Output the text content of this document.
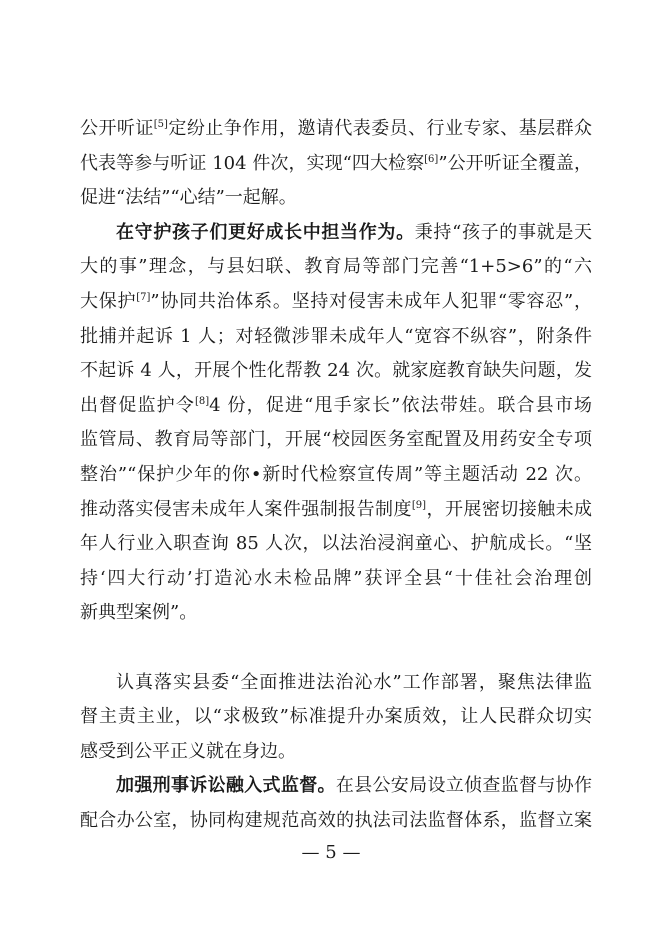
公开听证[5]定纷止争作用，邀请代表委员、行业专家、基层群众
代表等参与听证 104 件次，实现“四大检察[6]”公开听证全覆盖，
促进“法结”“心结”一起解。
在守护孩子们更好成长中担当作为。秉持“孩子的事就是天
大的事”理念，与县妇联、教育局等部门完善“1+5>6”的“六
大保护[7]”协同共治体系。坚持对侵害未成年人犯罪“零容忍”，
批捕并起诉 1 人；对轻微涉罪未成年人“宽容不纵容”，附条件
不起诉 4 人，开展个性化帮教 24 次。就家庭教育缺失问题，发
出督促监护令[8]4 份，促进“甩手家长”依法带娃。联合县市场
监管局、教育局等部门，开展“校园医务室配置及用药安全专项
整治”“保护少年的你•新时代检察宣传周”等主题活动 22 次。
推动落实侵害未成年人案件强制报告制度[9]，开展密切接触未成
年人行业入职查询 85 人次，以法治浸润童心、护航成长。“坚
持‘四大行动’打造沁水未检品牌”获评全县“十佳社会治理创
新典型案例”。
认真落实县委“全面推进法治沁水”工作部署，聚焦法律监
督主责主业，以“求极致”标准提升办案质效，让人民群众切实
感受到公平正义就在身边。
加强刑事诉讼融入式监督。在县公安局设立侦查监督与协作
配合办公室，协同构建规范高效的执法司法监督体系，监督立案
— 5 —
